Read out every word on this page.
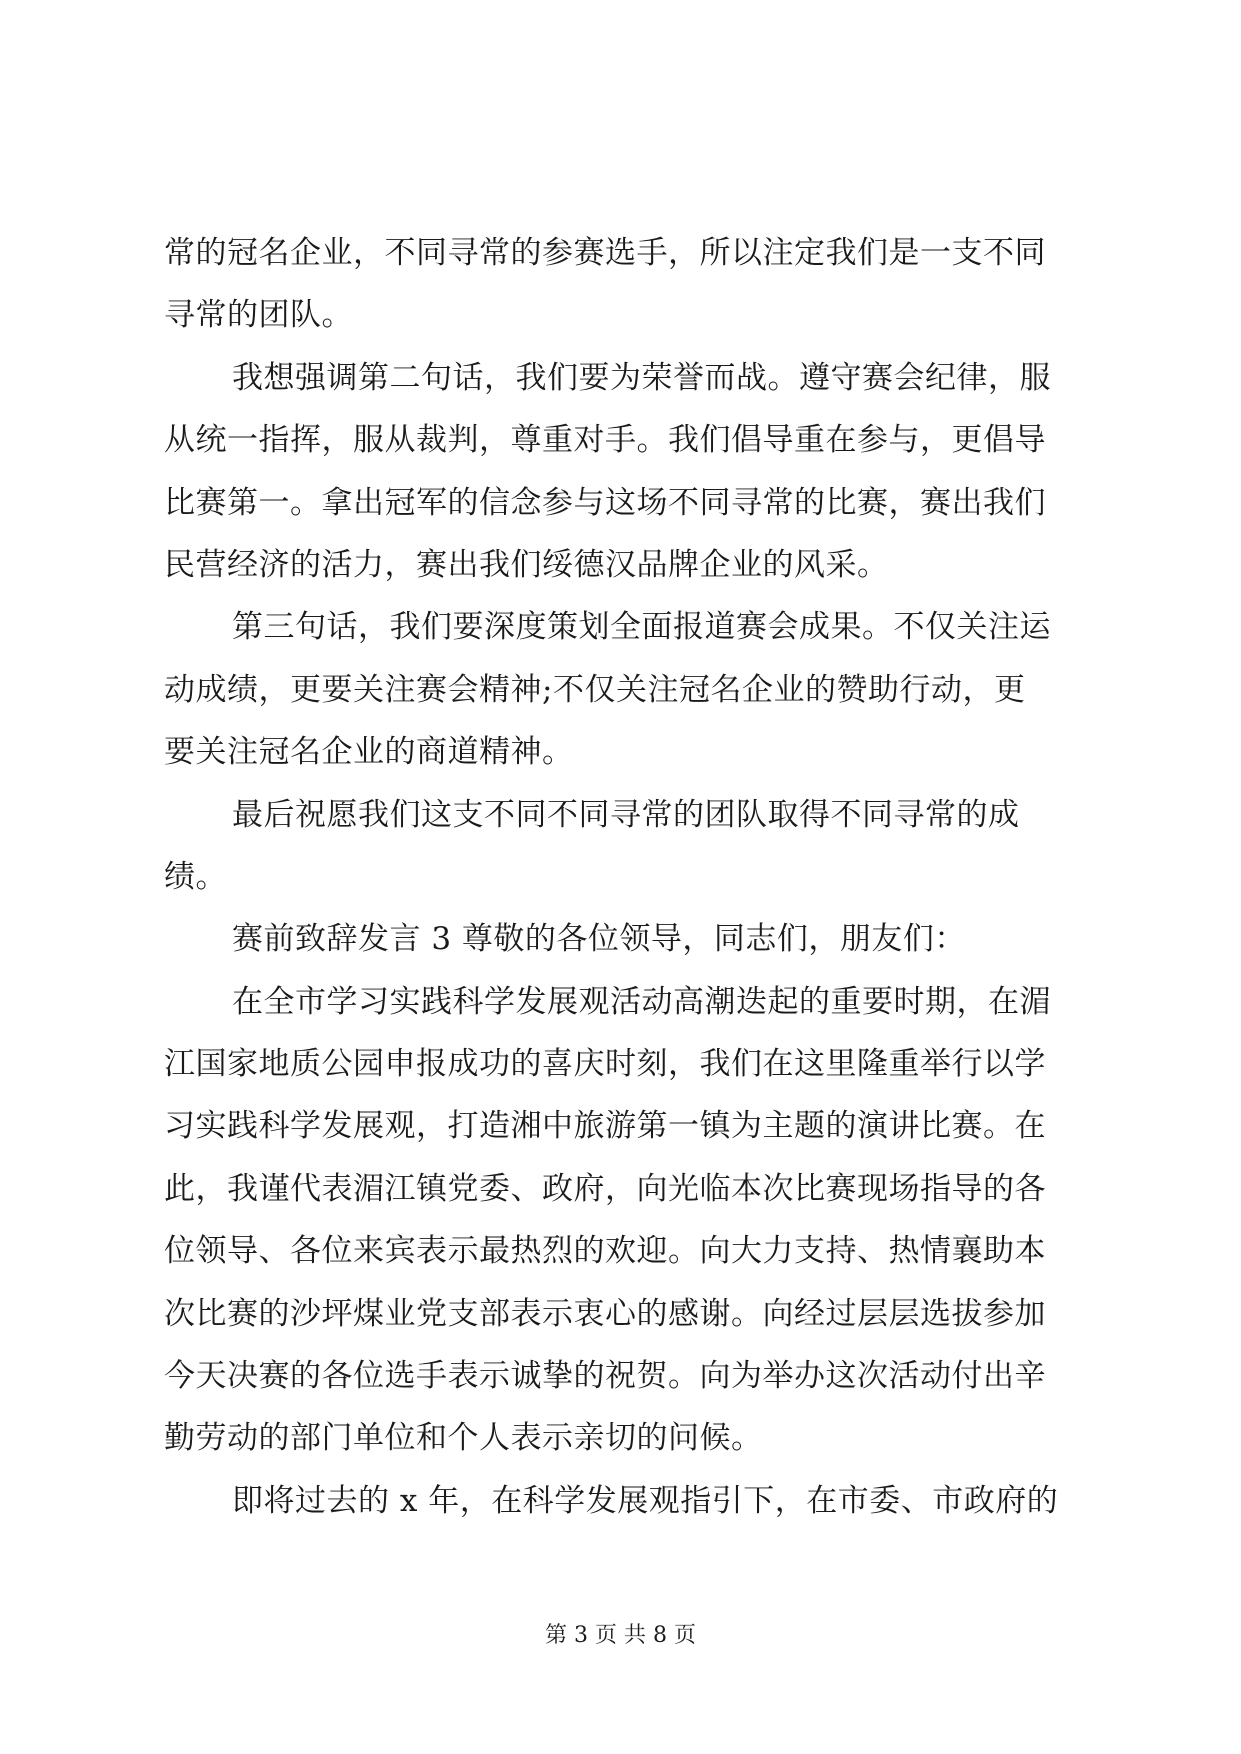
常的冠名企业，不同寻常的参赛选手，所以注定我们是一支不同
寻常的团队。
我想强调第二句话，我们要为荣誉而战。遵守赛会纪律，服
从统一指挥，服从裁判，尊重对手。我们倡导重在参与，更倡导
比赛第一。拿出冠军的信念参与这场不同寻常的比赛，赛出我们
民营经济的活力，赛出我们绥德汉品牌企业的风采。
第三句话，我们要深度策划全面报道赛会成果。不仅关注运
动成绩，更要关注赛会精神;不仅关注冠名企业的赞助行动，更
要关注冠名企业的商道精神。
最后祝愿我们这支不同不同寻常的团队取得不同寻常的成
绩。
赛前致辞发言 3 尊敬的各位领导，同志们，朋友们：
在全市学习实践科学发展观活动高潮迭起的重要时期，在湄
江国家地质公园申报成功的喜庆时刻，我们在这里隆重举行以学
习实践科学发展观，打造湘中旅游第一镇为主题的演讲比赛。在
此，我谨代表湄江镇党委、政府，向光临本次比赛现场指导的各
位领导、各位来宾表示最热烈的欢迎。向大力支持、热情襄助本
次比赛的沙坪煤业党支部表示衷心的感谢。向经过层层选拔参加
今天决赛的各位选手表示诚挚的祝贺。向为举办这次活动付出辛
勤劳动的部门单位和个人表示亲切的问候。
即将过去的 x 年，在科学发展观指引下，在市委、市政府的
第 3 页 共 8 页
